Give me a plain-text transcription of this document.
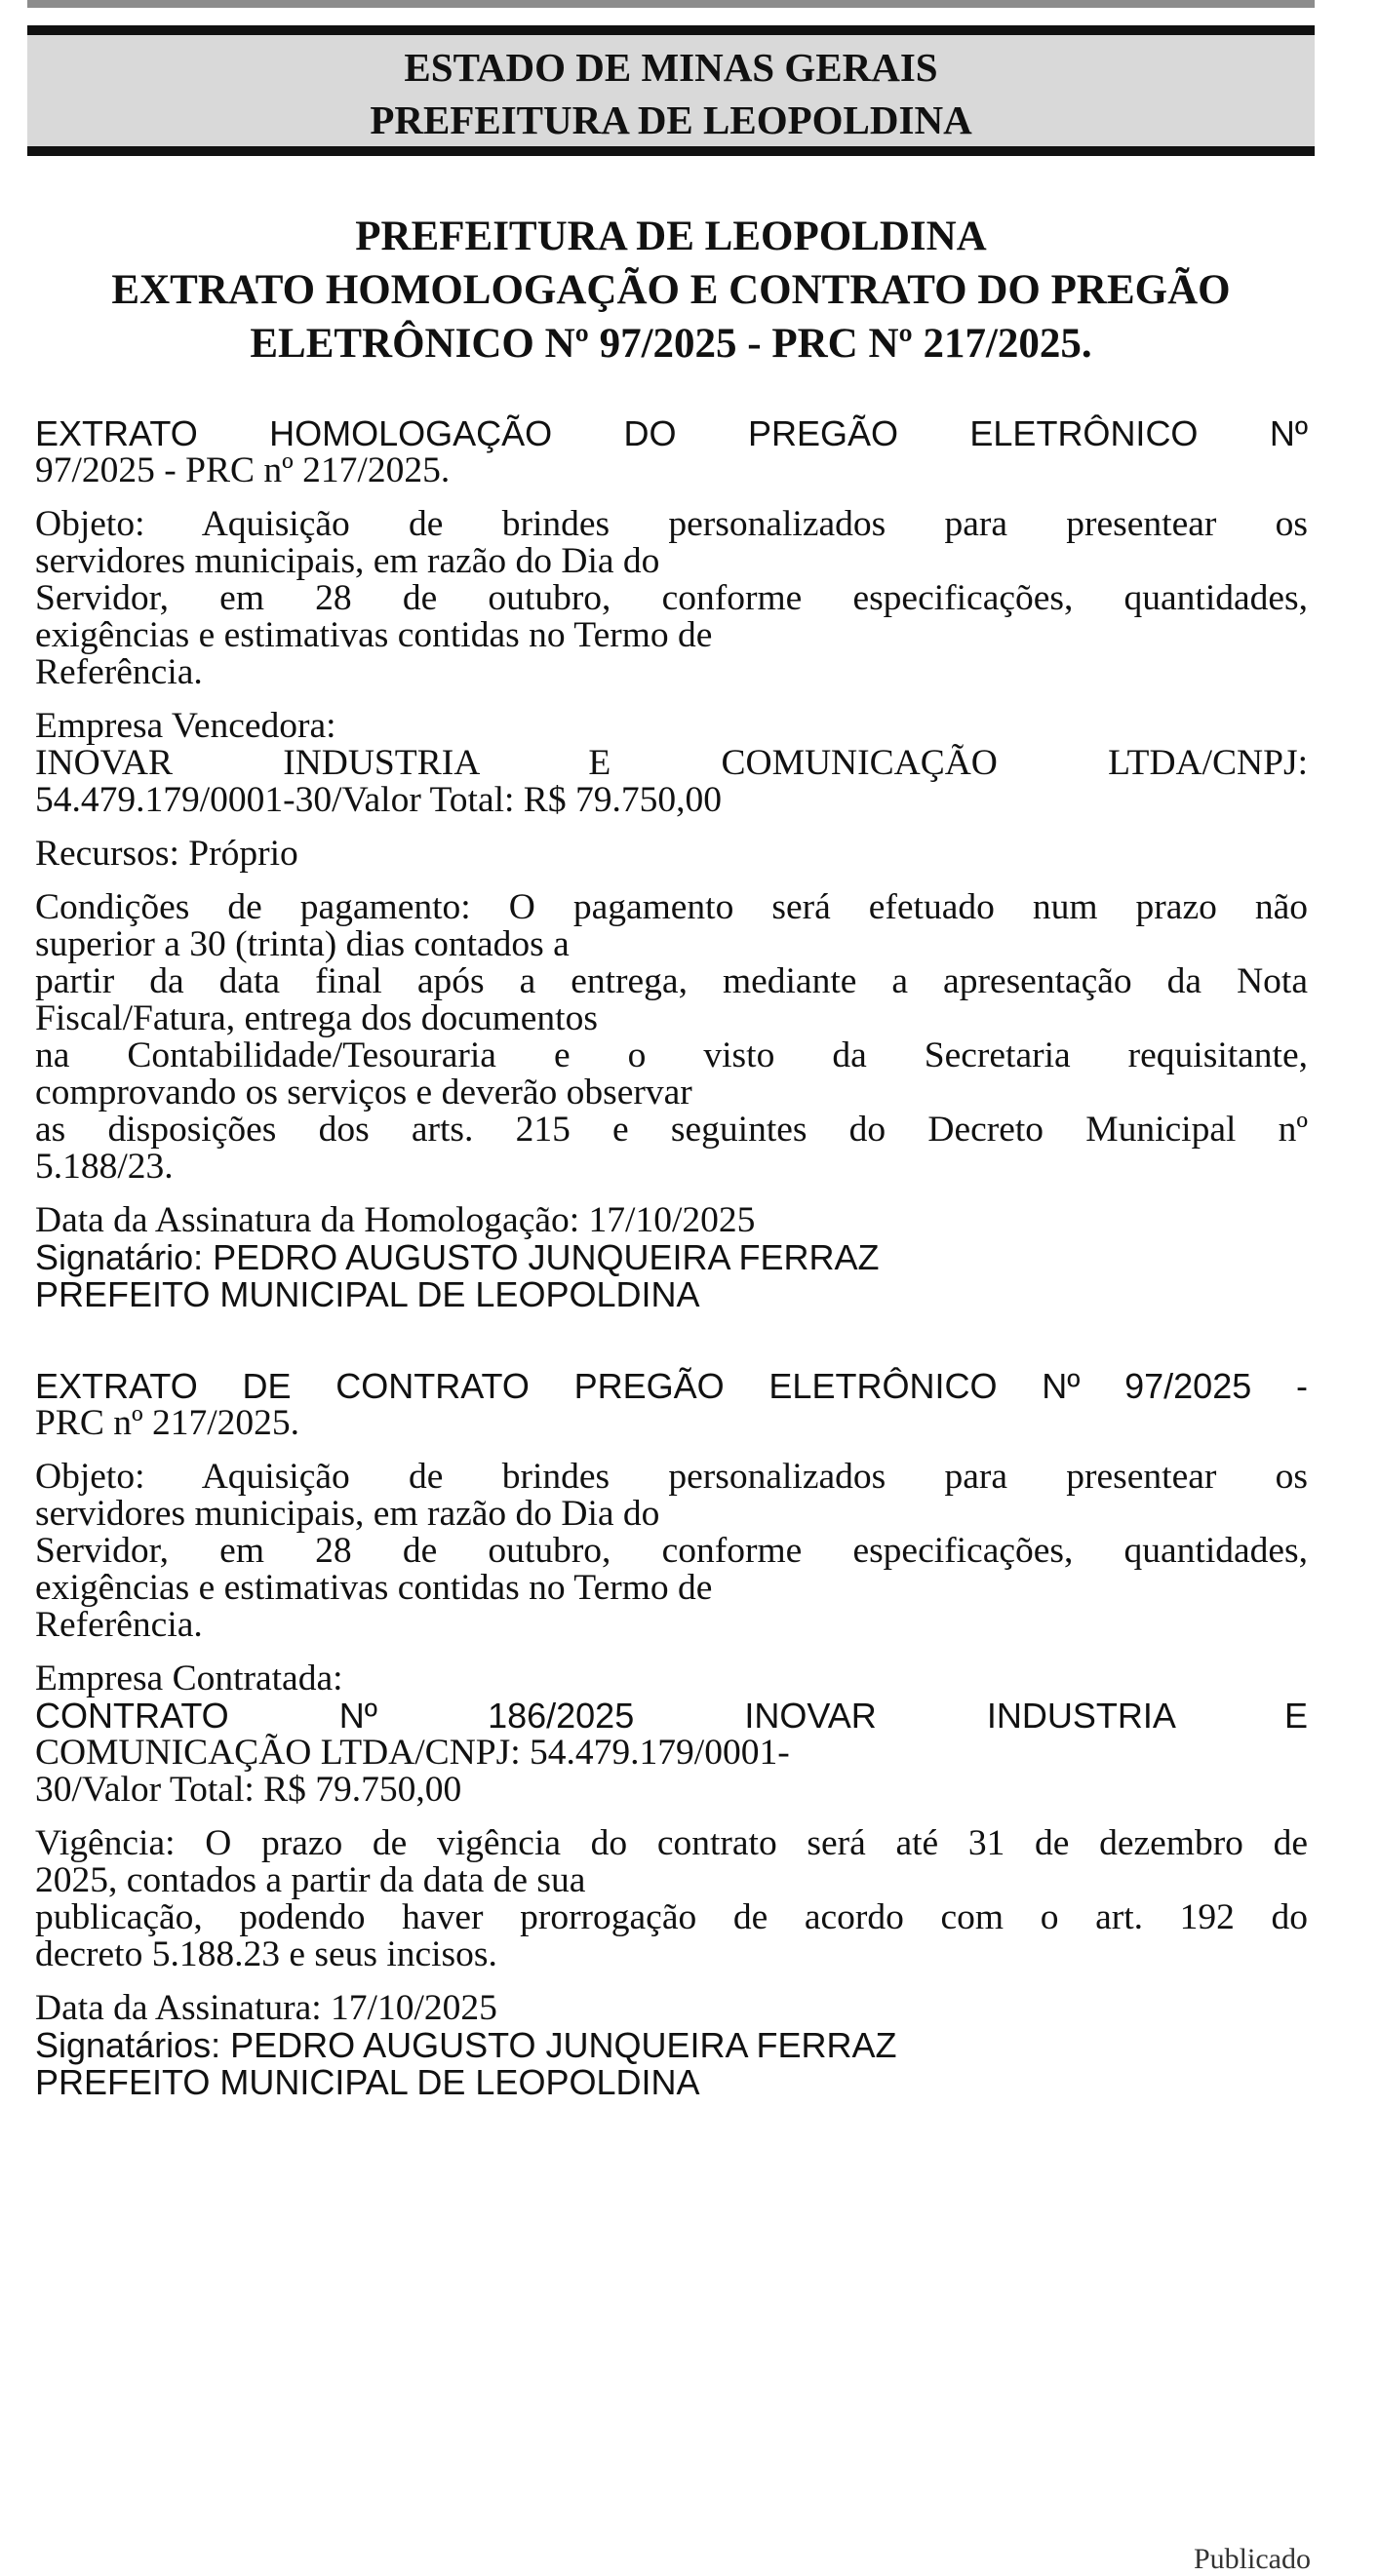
ESTADO DE MINAS GERAIS
PREFEITURA DE LEOPOLDINA
PREFEITURA DE LEOPOLDINA
EXTRATO HOMOLOGAÇÃO E CONTRATO DO PREGÃO
ELETRÔNICO Nº 97/2025 - PRC Nº 217/2025.

EXTRATO HOMOLOGAÇÃO DO PREGÃO ELETRÔNICO Nº
97/2025 - PRC nº 217/2025.

Objeto: Aquisição de brindes personalizados para presentear os
servidores municipais, em razão do Dia do
Servidor, em 28 de outubro, conforme especificações, quantidades,
exigências e estimativas contidas no Termo de
Referência.

Empresa Vencedora:

INOVAR INDUSTRIA E COMUNICAÇÃO LTDA/CNPJ:
54.479.179/0001-30/Valor Total: R$ 79.750,00

Recursos: Próprio

Condições de pagamento: O pagamento será efetuado num prazo não
superior a 30 (trinta) dias contados a
partir da data final após a entrega, mediante a apresentação da Nota
Fiscal/Fatura, entrega dos documentos
na Contabilidade/Tesouraria e o visto da Secretaria requisitante,
comprovando os serviços e deverão observar
as disposições dos arts. 215 e seguintes do Decreto Municipal nº
5.188/23.

Data da Assinatura da Homologação: 17/10/2025
Signatário: PEDRO AUGUSTO JUNQUEIRA FERRAZ
PREFEITO MUNICIPAL DE LEOPOLDINA

EXTRATO DE CONTRATO PREGÃO ELETRÔNICO Nº 97/2025 -
PRC nº 217/2025.

Objeto: Aquisição de brindes personalizados para presentear os
servidores municipais, em razão do Dia do
Servidor, em 28 de outubro, conforme especificações, quantidades,
exigências e estimativas contidas no Termo de
Referência.

Empresa Contratada:

CONTRATO Nº 186/2025 INOVAR INDUSTRIA E
COMUNICAÇÃO LTDA/CNPJ: 54.479.179/0001-
30/Valor Total: R$ 79.750,00

Vigência: O prazo de vigência do contrato será até 31 de dezembro de
2025, contados a partir da data de sua
publicação, podendo haver prorrogação de acordo com o art. 192 do
decreto 5.188.23 e seus incisos.

Data da Assinatura: 17/10/2025
Signatários: PEDRO AUGUSTO JUNQUEIRA FERRAZ
PREFEITO MUNICIPAL DE LEOPOLDINA

Publicado
